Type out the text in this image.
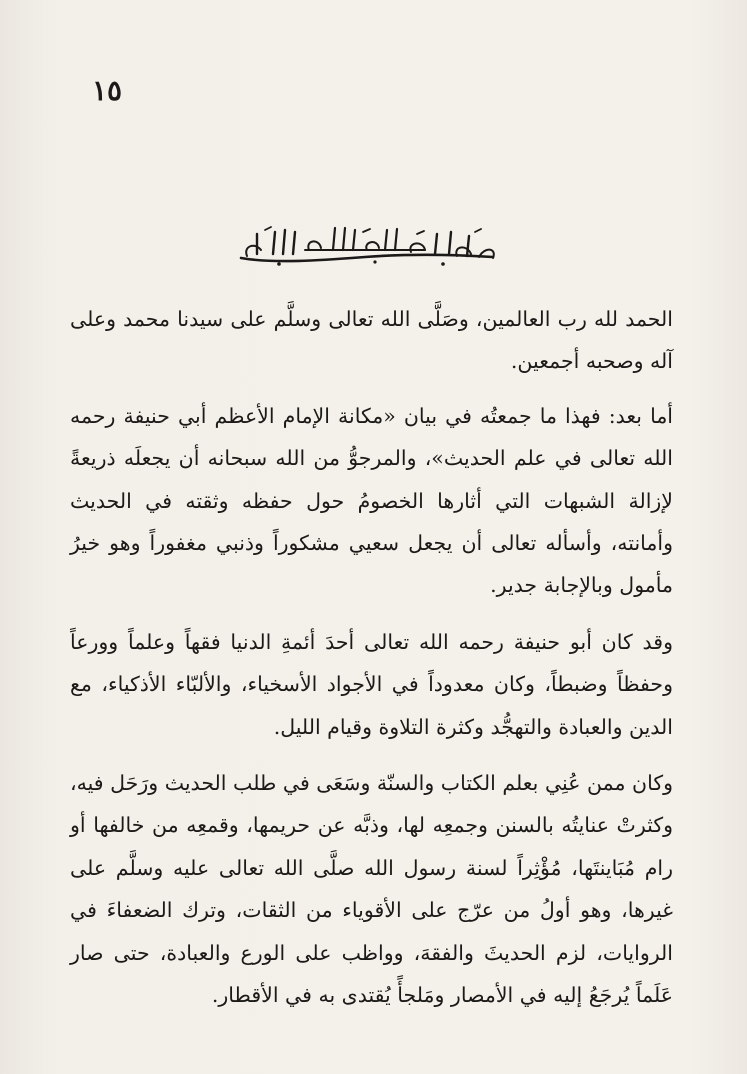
١٥

الحمد لله رب العالمين، وصَلَّى الله تعالى وسلَّم على سيدنا محمد وعلى آله وصحبه أجمعين.

أما بعد: فهذا ما جمعتُه في بيان «مكانة الإمام الأعظم أبي حنيفة رحمه الله تعالى في علم الحديث»، والمرجوُّ من الله سبحانه أن يجعلَه ذريعةً لإزالة الشبهات التي أثارها الخصومُ حول حفظه وثقته في الحديث وأمانته، وأسأله تعالى أن يجعل سعيي مشكوراً وذنبي مغفوراً وهو خيرُ مأمول وبالإجابة جدير.

وقد كان أبو حنيفة رحمه الله تعالى أحدَ أئمةِ الدنيا فقهاً وعلماً وورعاً وحفظاً وضبطاً، وكان معدوداً في الأجواد الأسخياء، والألبّاء الأذكياء، مع الدين والعبادة والتهجُّد وكثرة التلاوة وقيام الليل.

وكان ممن عُنِي بعلم الكتاب والسنّة وسَعَى في طلب الحديث ورَحَل فيه، وكثرتْ عنايتُه بالسنن وجمعِه لها، وذبَّه عن حريمها، وقمعِه من خالفها أو رام مُبَاينتَها، مُؤْثِراً لسنة رسول الله صلَّى الله تعالى عليه وسلَّم على غيرها، وهو أولُ من عرّج على الأقوياء من الثقات، وترك الضعفاءَ في الروايات، لزم الحديثَ والفقهَ، وواظب على الورع والعبادة، حتى صار عَلَماً يُرجَعُ إليه في الأمصار ومَلجأً يُقتدى به في الأقطار.
